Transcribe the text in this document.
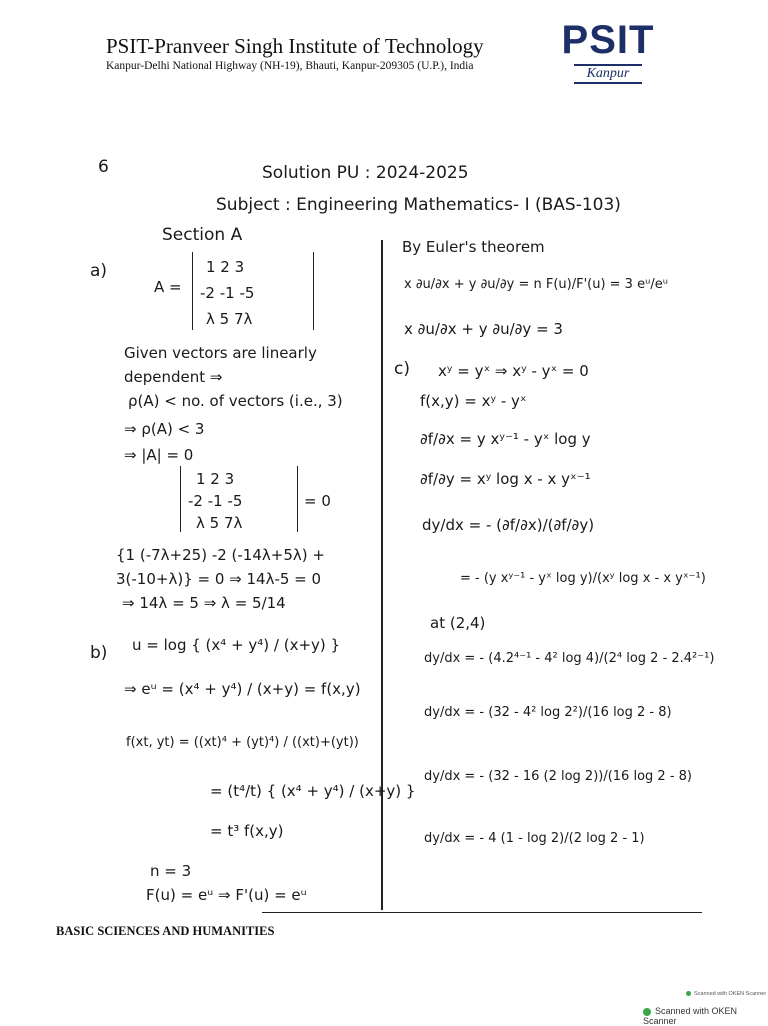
PSIT-Pranveer Singh Institute of Technology
Kanpur-Delhi National Highway (NH-19), Bhauti, Kanpur-209305 (U.P.), India
PSIT
Kanpur
6	Solution PU : 2024-2025
Subject : Engineering Mathematics- I (BAS-103)
Section A
a)
A =
1 2 3
-2 -1 -5
λ 5 7λ
Given vectors are linearly
dependent ⇒
ρ(A) < no. of vectors (i.e., 3)
⇒ ρ(A) < 3
⇒ |A| = 0
1 2 3
-2 -1 -5
λ 5 7λ
= 0
{1 (-7λ+25) -2 (-14λ+5λ) +
3(-10+λ)} = 0 ⇒ 14λ-5 = 0
⇒ 14λ = 5 ⇒ λ = 5/14
b) u = log { (x⁴ + y⁴) / (x+y) }
⇒ eᵘ = (x⁴ + y⁴) / (x+y) = f(x,y)
f(xt, yt) = ((xt)⁴ + (yt)⁴) / ((xt)+(yt))
= (t⁴/t) { (x⁴ + y⁴) / (x+y) }
= t³ f(x,y)
n = 3
F(u) = eᵘ ⇒ F'(u) = eᵘ
By Euler's theorem
x ∂u/∂x + y ∂u/∂y = n F(u)/F'(u) = 3 eᵘ/eᵘ
x ∂u/∂x + y ∂u/∂y = 3
c) xʸ = yˣ ⇒ xʸ - yˣ = 0
f(x,y) = xʸ - yˣ
∂f/∂x = y xʸ⁻¹ - yˣ log y
∂f/∂y = xʸ log x - x yˣ⁻¹
dy/dx = - (∂f/∂x)/(∂f/∂y)
= - (y xʸ⁻¹ - yˣ log y)/(xʸ log x - x yˣ⁻¹)
at (2,4)
dy/dx = - (4.2⁴⁻¹ - 4² log 4)/(2⁴ log 2 - 2.4²⁻¹)
dy/dx = - (32 - 4² log 2²)/(16 log 2 - 8)
dy/dx = - (32 - 16 (2 log 2))/(16 log 2 - 8)
dy/dx = - 4 (1 - log 2)/(2 log 2 - 1)
BASIC SCIENCES AND HUMANITIES
Scanned with OKEN Scanner
Scanned with OKEN Scanner
